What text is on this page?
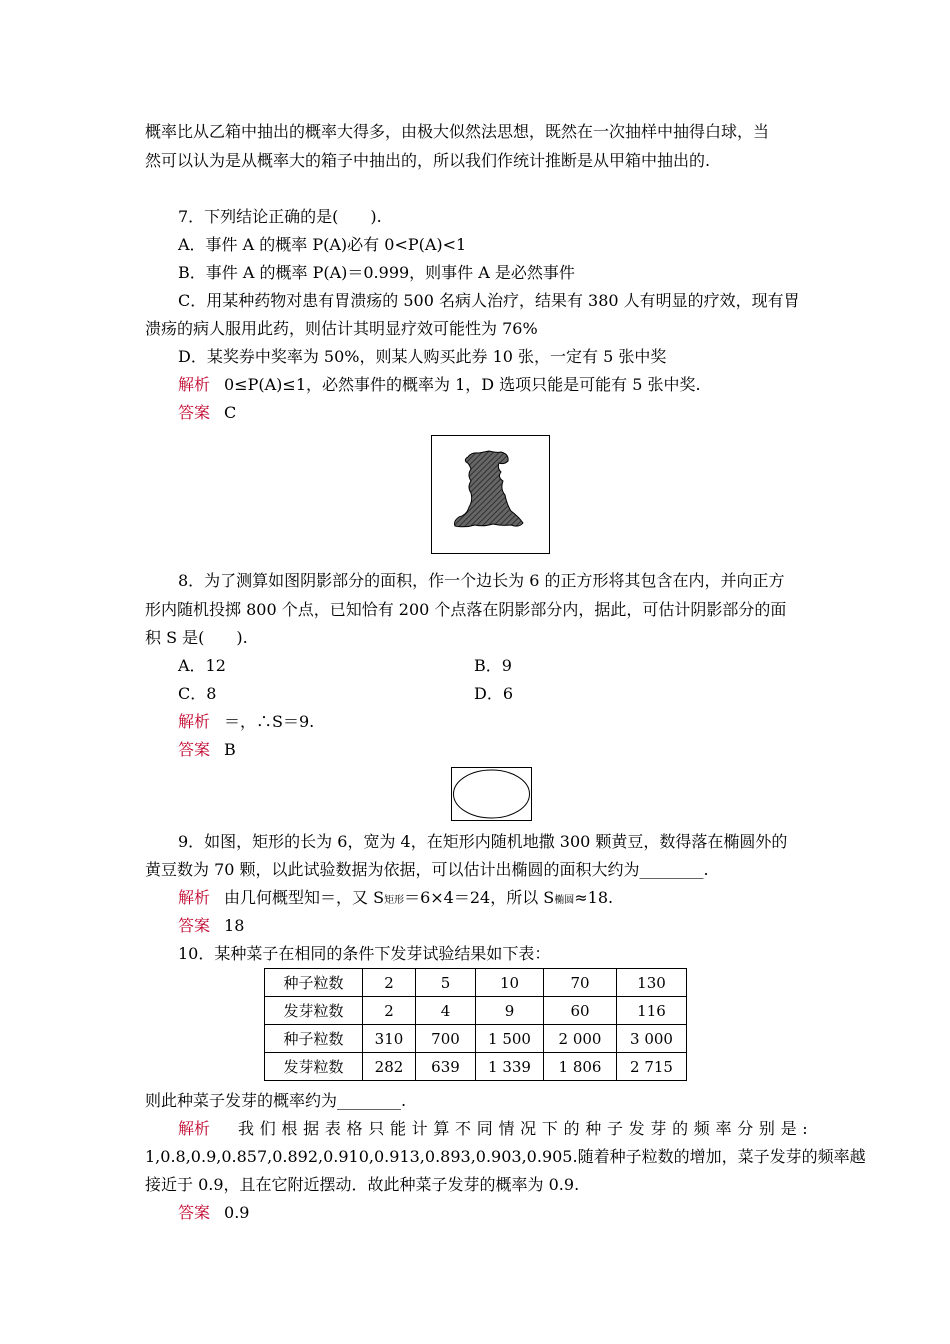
概率比从乙箱中抽出的概率大得多，由极大似然法思想，既然在一次抽样中抽得白球，当
然可以认为是从概率大的箱子中抽出的，所以我们作统计推断是从甲箱中抽出的.
7．下列结论正确的是(　　).
A．事件 A 的概率 P(A)必有 0<P(A)<1
B．事件 A 的概率 P(A)＝0.999，则事件 A 是必然事件
C．用某种药物对患有胃溃疡的 500 名病人治疗，结果有 380 人有明显的疗效，现有胃
溃疡的病人服用此药，则估计其明显疗效可能性为 76%
D．某奖券中奖率为 50%，则某人购买此券 10 张，一定有 5 张中奖
解析 0≤P(A)≤1，必然事件的概率为 1，D 选项只能是可能有 5 张中奖.
答案 C
8．为了测算如图阴影部分的面积，作一个边长为 6 的正方形将其包含在内，并向正方
形内随机投掷 800 个点，已知恰有 200 个点落在阴影部分内，据此，可估计阴影部分的面
积 S 是(　　).
A．12	B．9
C．8	D．6
解析 ＝，∴S＝9.
答案 B
9．如图，矩形的长为 6，宽为 4，在矩形内随机地撒 300 颗黄豆，数得落在椭圆外的
黄豆数为 70 颗，以此试验数据为依据，可以估计出椭圆的面积大约为________.
解析 由几何概型知＝，又 S矩形＝6×4＝24，所以 S椭圆≈18.
答案 18
10．某种菜子在相同的条件下发芽试验结果如下表：
种子粒数	2	5	10	70	130
发芽粒数	2	4	9	60	116
种子粒数	310	700	1 500	2 000	3 000
发芽粒数	282	639	1 339	1 806	2 715
则此种菜子发芽的概率约为________.
解析 我 们 根 据 表 格 只 能 计 算 不 同 情 况 下 的 种 子 发 芽 的 频 率 分 别 是 :
1,0.8,0.9,0.857,0.892,0.910,0.913,0.893,0.903,0.905.随着种子粒数的增加，菜子发芽的频率越
接近于 0.9，且在它附近摆动．故此种菜子发芽的概率为 0.9.
答案 0.9
